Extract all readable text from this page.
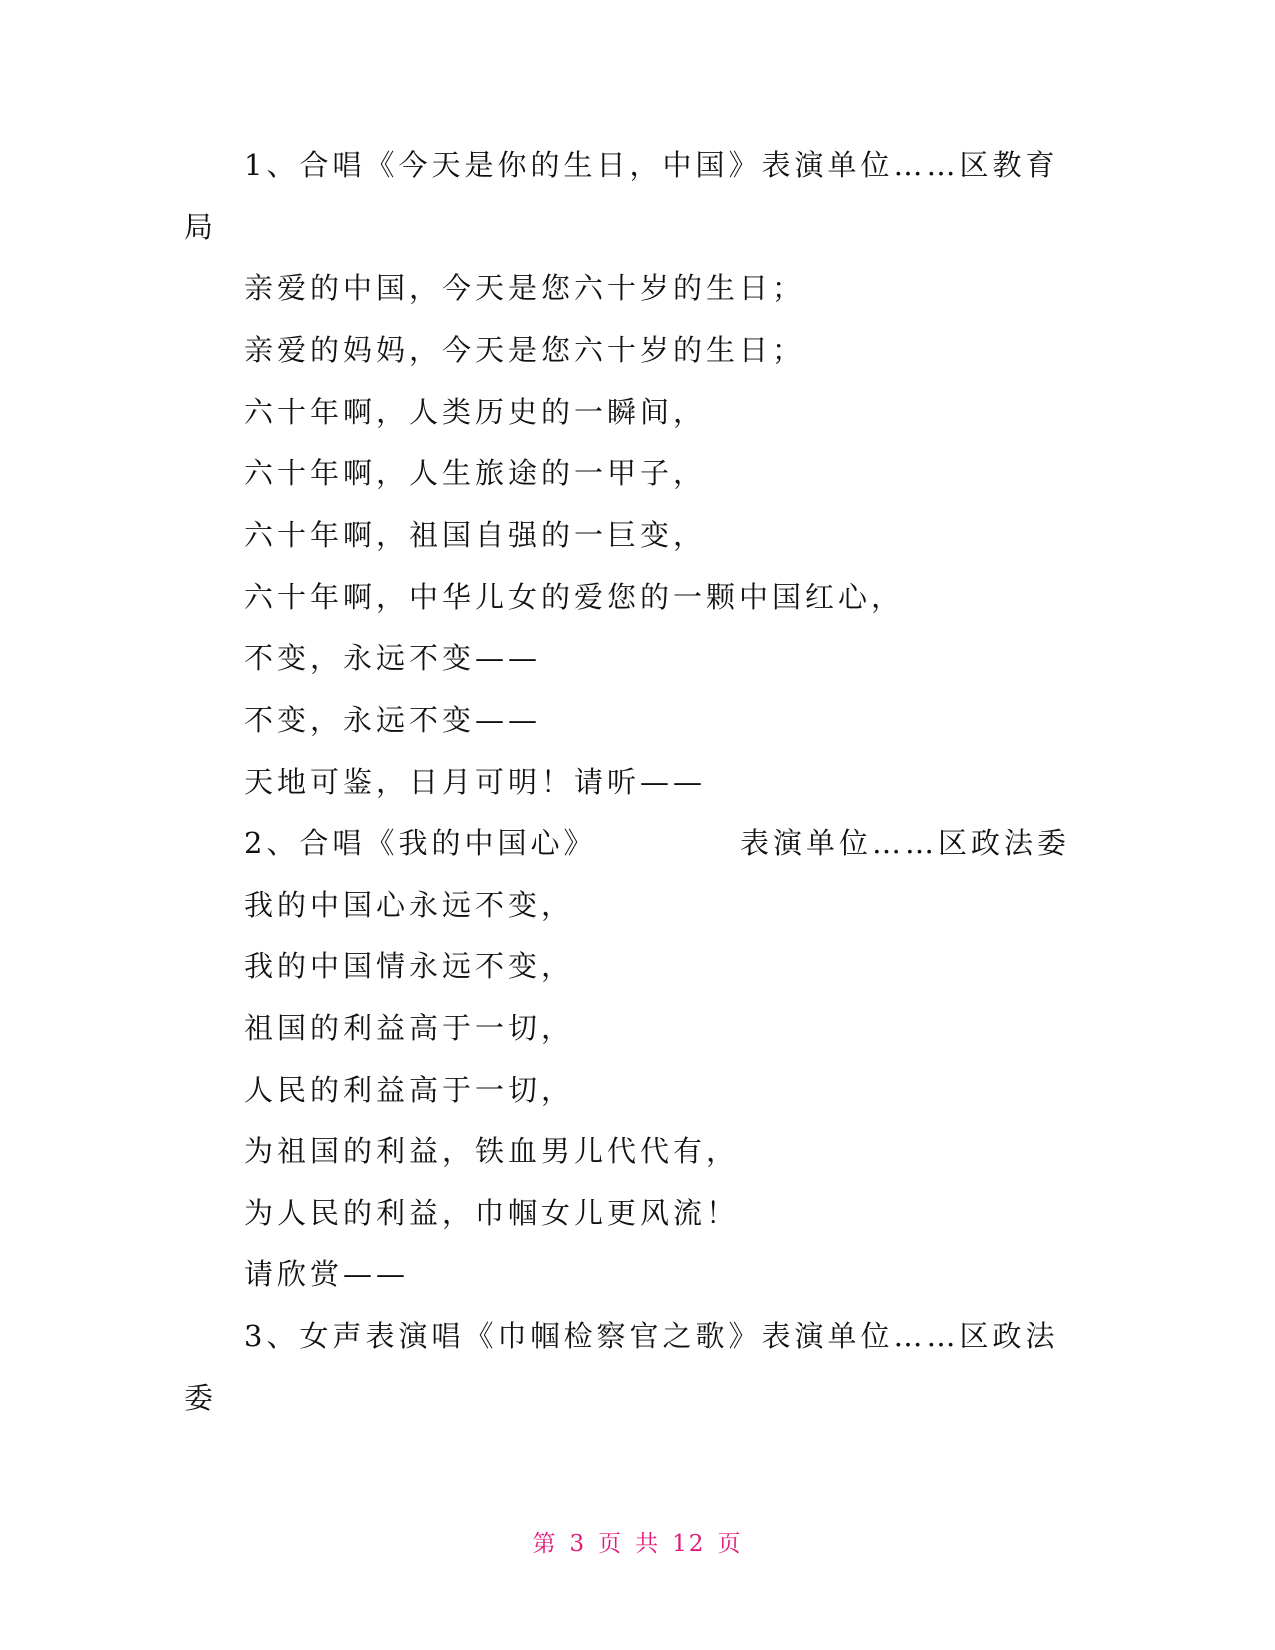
1、合唱《今天是你的生日，中国》表演单位……区教育
局
亲爱的中国，今天是您六十岁的生日；
亲爱的妈妈，今天是您六十岁的生日；
六十年啊，人类历史的一瞬间，
六十年啊，人生旅途的一甲子，
六十年啊，祖国自强的一巨变，
六十年啊，中华儿女的爱您的一颗中国红心，
不变，永远不变——
不变，永远不变——
天地可鉴，日月可明！请听——
2、合唱《我的中国心》	表演单位……区政法委
我的中国心永远不变，
我的中国情永远不变，
祖国的利益高于一切，
人民的利益高于一切，
为祖国的利益，铁血男儿代代有，
为人民的利益，巾帼女儿更风流！
请欣赏——
3、女声表演唱《巾帼检察官之歌》表演单位……区政法
委
第 3 页 共 12 页
